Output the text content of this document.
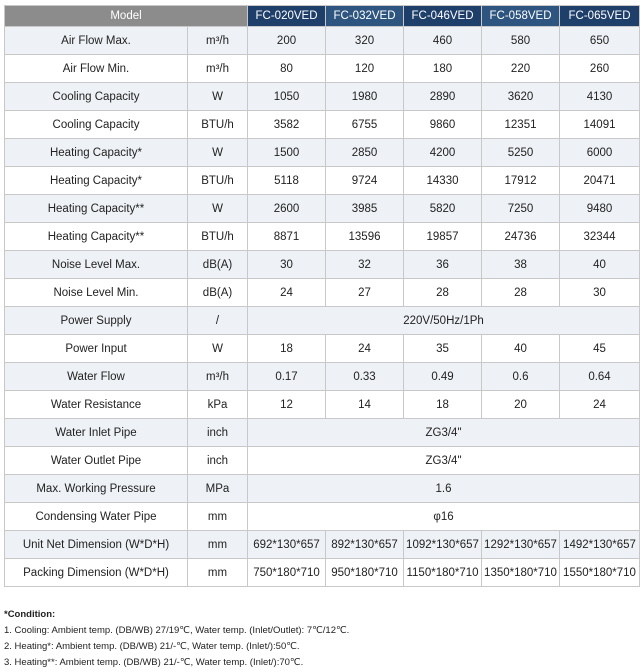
Model		FC-020VED	FC-032VED	FC-046VED	FC-058VED	FC-065VED
Air Flow Max.	m³/h	200	320	460	580	650
Air Flow Min.	m³/h	80	120	180	220	260
Cooling Capacity	W	1050	1980	2890	3620	4130
Cooling Capacity	BTU/h	3582	6755	9860	12351	14091
Heating Capacity*	W	1500	2850	4200	5250	6000
Heating Capacity*	BTU/h	5118	9724	14330	17912	20471
Heating Capacity**	W	2600	3985	5820	7250	9480
Heating Capacity**	BTU/h	8871	13596	19857	24736	32344
Noise Level Max.	dB(A)	30	32	36	38	40
Noise Level Min.	dB(A)	24	27	28	28	30
Power Supply	/	220V/50Hz/1Ph				
Power Input	W	18	24	35	40	45
Water Flow	m³/h	0.17	0.33	0.49	0.6	0.64
Water Resistance	kPa	12	14	18	20	24
Water Inlet Pipe	inch	ZG3/4"				
Water Outlet Pipe	inch	ZG3/4"				
Max. Working Pressure	MPa	1.6				
Condensing Water Pipe	mm	φ16				
Unit Net Dimension (W*D*H)	mm	692*130*657	892*130*657	1092*130*657	1292*130*657	1492*130*657
Packing Dimension (W*D*H)	mm	750*180*710	950*180*710	1150*180*710	1350*180*710	1550*180*710
*Condition:
1. Cooling: Ambient temp. (DB/WB) 27/19℃, Water temp. (Inlet/Outlet): 7℃/12℃.
2. Heating*: Ambient temp. (DB/WB) 21/-℃, Water temp. (Inlet/):50℃.
3. Heating**: Ambient temp. (DB/WB) 21/-℃, Water temp. (Inlet/):70℃.
